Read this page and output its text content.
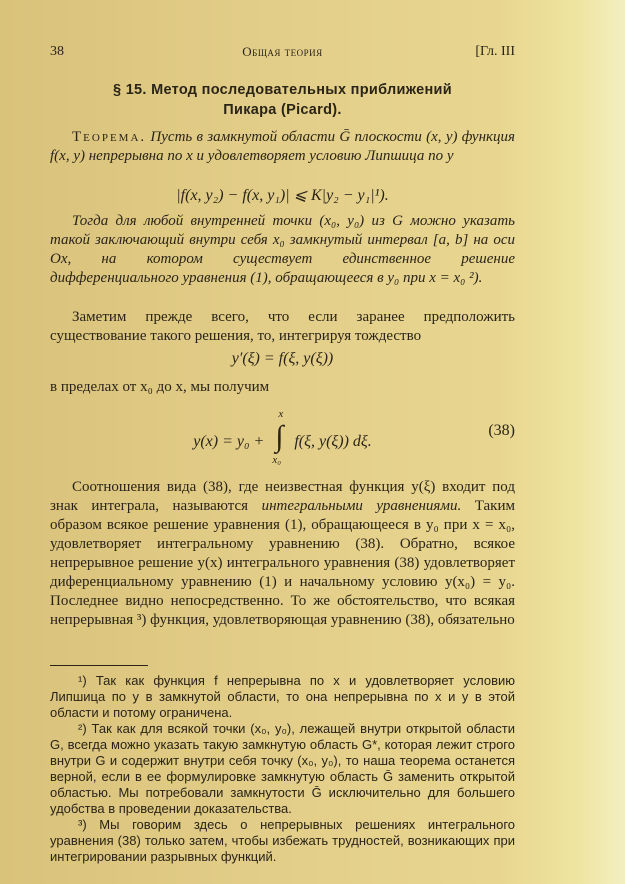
38	Общая теория	[Гл. III
§ 15. Метод последовательных приближений
Пикара (Picard).
Теорема. Пусть в замкнутой области Ḡ плоскости (x, y) функция f(x, y) непрерывна по x и удовлетворяет условию Липшица по y
|f(x, y₂) − f(x, y₁)| ⩽ K|y₂ − y₁|¹).
Тогда для любой внутренней точки (x₀, y₀) из G можно указать такой заключающий внутри себя x₀ замкнутый интервал [a, b] на оси Ox, на котором существует единственное решение дифференциального уравнения (1), обращающееся в y₀ при x = x₀ ²).
Заметим прежде всего, что если заранее предположить существование такого решения, то, интегрируя тождество
y′(ξ) = f(ξ, y(ξ))
в пределах от x₀ до x, мы получим
y(x) = y₀ +
x
∫
x₀
f(ξ, y(ξ)) dξ.
(38)
Соотношения вида (38), где неизвестная функция y(ξ) входит под знак интеграла, называются интегральными уравнениями. Таким образом всякое решение уравнения (1), обращающееся в y₀ при x = x₀, удовлетворяет интегральному уравнению (38). Обратно, всякое непрерывное решение y(x) интегрального уравнения (38) удовлетворяет диференциальному уравнению (1) и начальному условию y(x₀) = y₀. Последнее видно непосредственно. То же обстоятельство, что всякая непрерывная ³) функция, удовлетворяющая уравнению (38), обязательно

¹) Так как функция f непрерывна по x и удовлетворяет условию Липшица по y в замкнутой области, то она непрерывна по x и y в этой области и потому ограничена.

²) Так как для всякой точки (x₀, y₀), лежащей внутри открытой области G, всегда можно указать такую замкнутую область G*, которая лежит строго внутри G и содержит внутри себя точку (x₀, y₀), то наша теорема останется верной, если в ее формулировке замкнутую область Ḡ заменить открытой областью. Мы потребовали замкнутости Ḡ исключительно для большего удобства в проведении доказательства.

³) Мы говорим здесь о непрерывных решениях интегрального уравнения (38) только затем, чтобы избежать трудностей, возникающих при интегрировании разрывных функций.
